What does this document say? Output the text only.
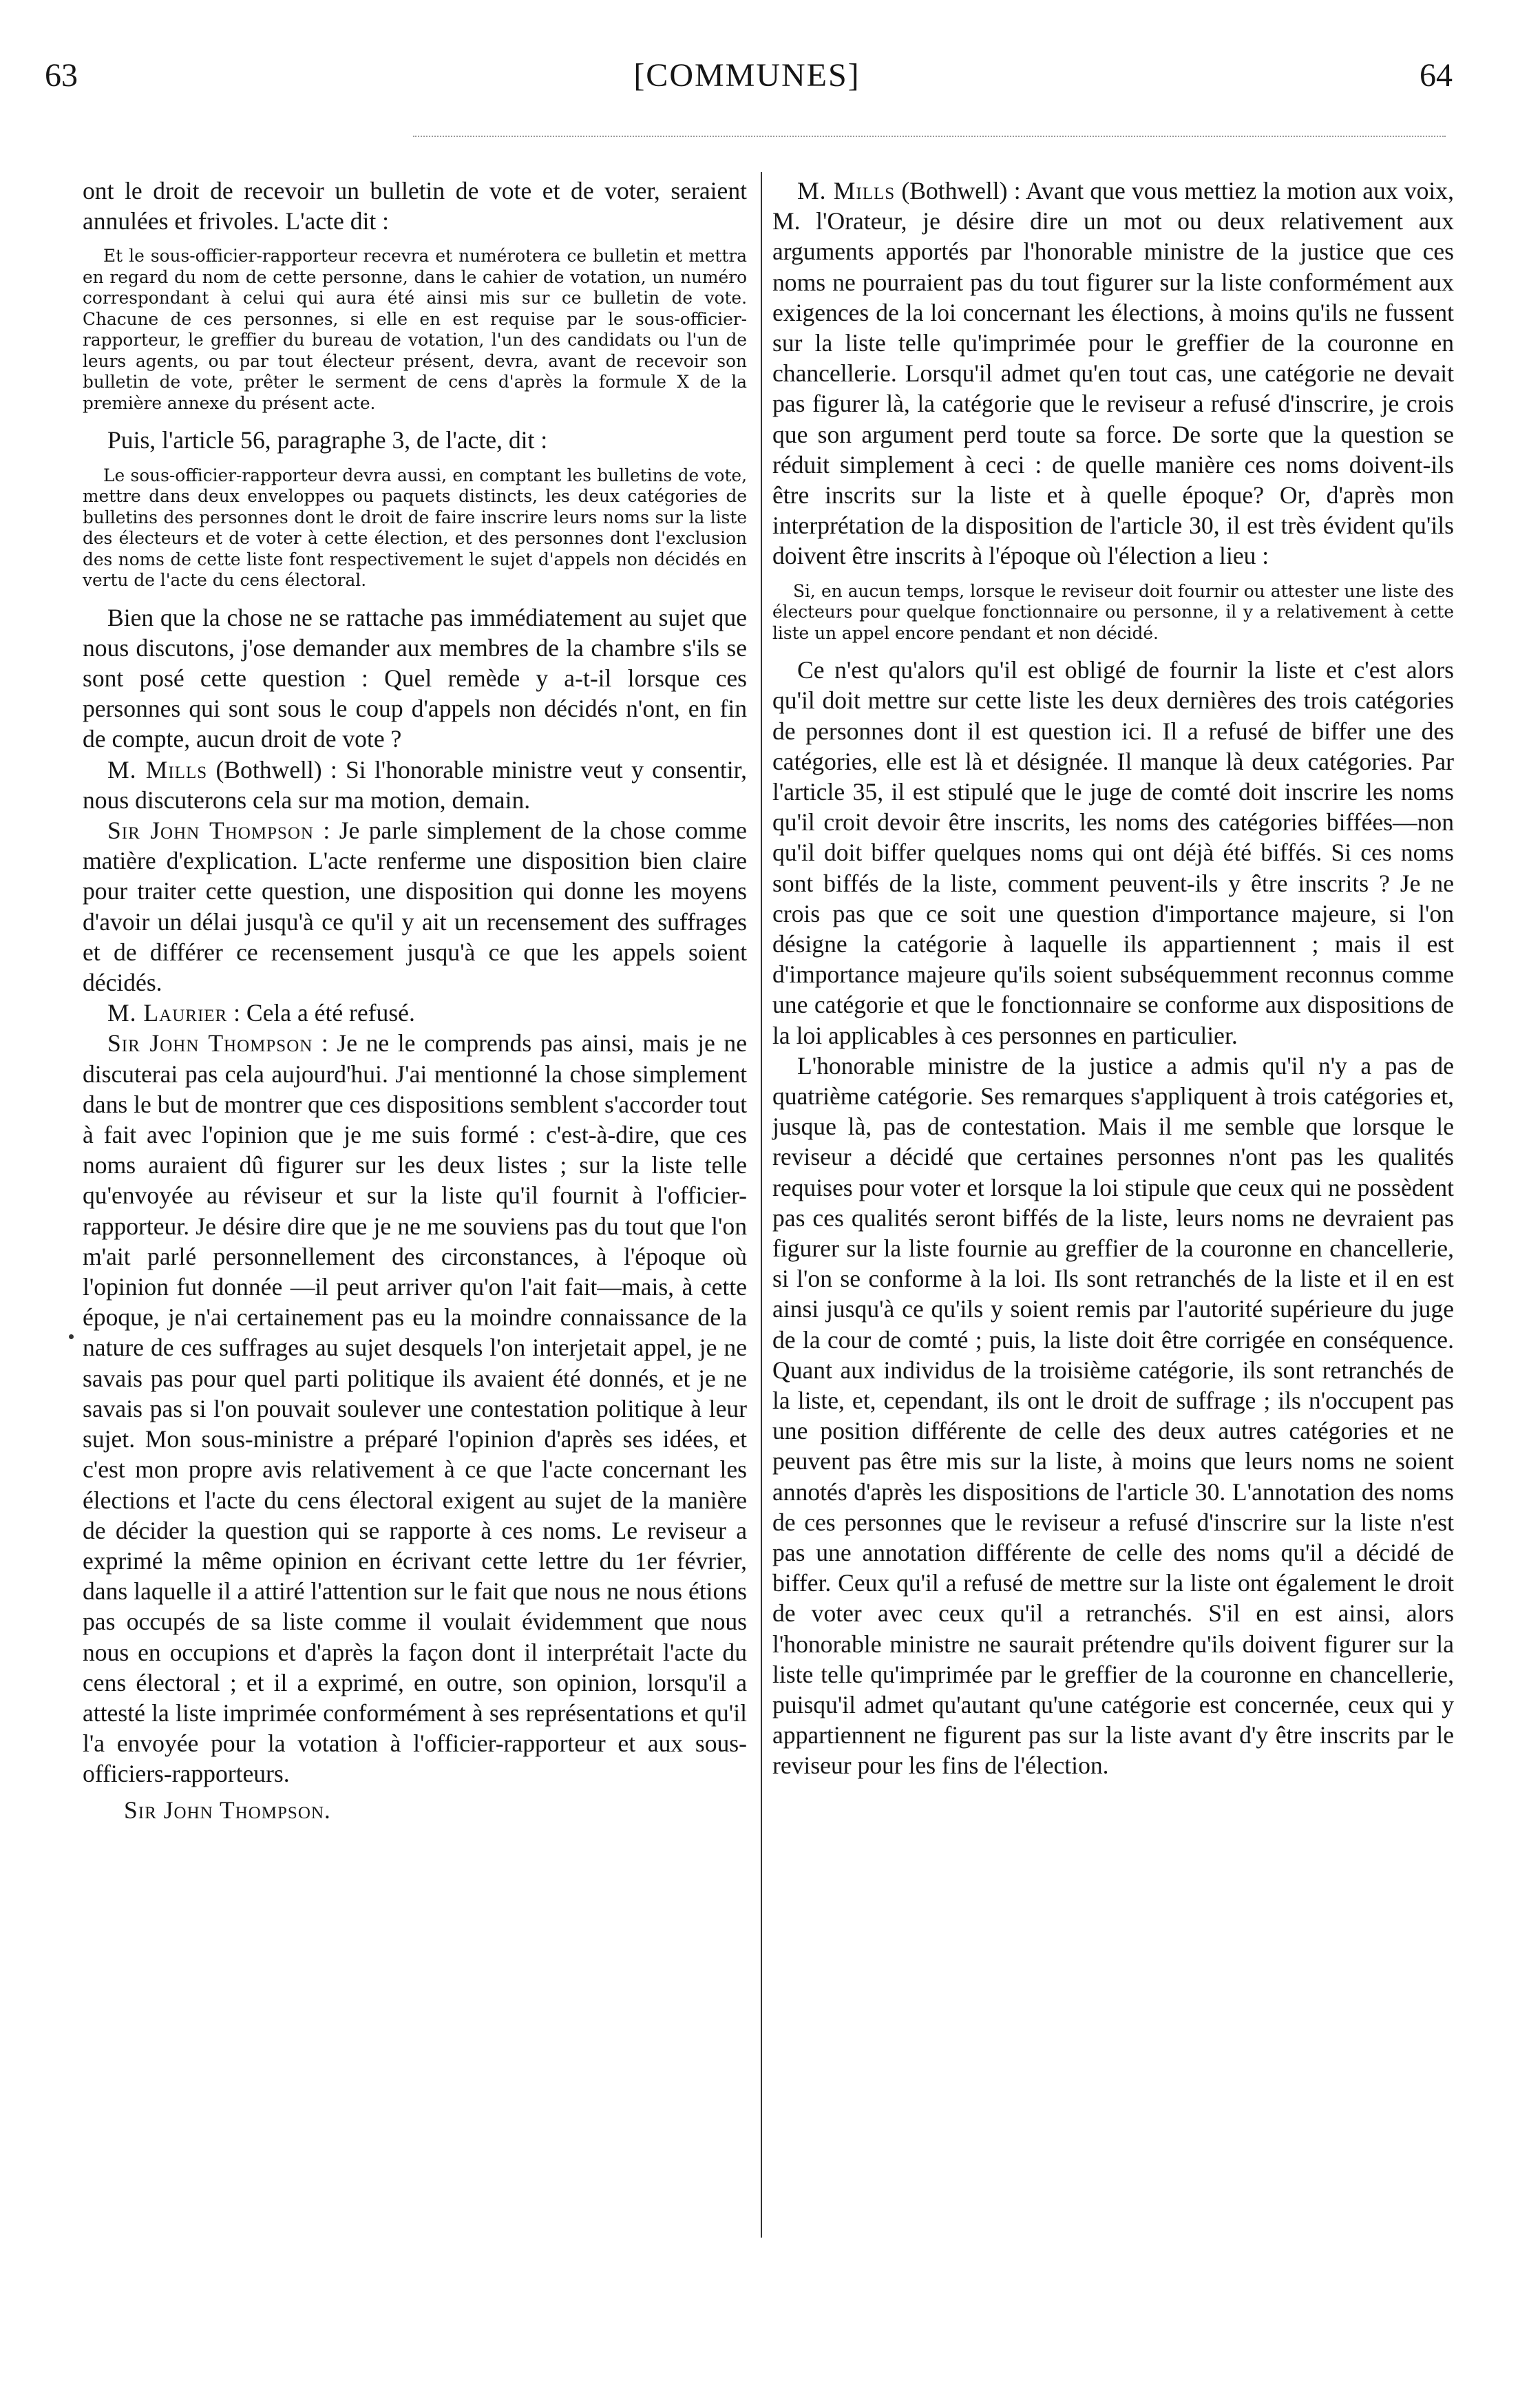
63	[COMMUNES]	64

ont le droit de recevoir un bulletin de vote et de voter, seraient annulées et frivoles. L'acte dit :

Et le sous-officier-rapporteur recevra et numérotera ce bulletin et mettra en regard du nom de cette personne, dans le cahier de votation, un numéro correspondant à celui qui aura été ainsi mis sur ce bulletin de vote. Chacune de ces personnes, si elle en est requise par le sous-officier-rapporteur, le greffier du bureau de votation, l'un des candidats ou l'un de leurs agents, ou par tout électeur présent, devra, avant de recevoir son bulletin de vote, prêter le serment de cens d'après la formule X de la première annexe du présent acte.

Puis, l'article 56, paragraphe 3, de l'acte, dit :

Le sous-officier-rapporteur devra aussi, en comptant les bulletins de vote, mettre dans deux enveloppes ou paquets distincts, les deux catégories de bulletins des personnes dont le droit de faire inscrire leurs noms sur la liste des électeurs et de voter à cette élection, et des personnes dont l'exclusion des noms de cette liste font respectivement le sujet d'appels non décidés en vertu de l'acte du cens électoral.

Bien que la chose ne se rattache pas immédiatement au sujet que nous discutons, j'ose demander aux membres de la chambre s'ils se sont posé cette question : Quel remède y a-t-il lorsque ces personnes qui sont sous le coup d'appels non décidés n'ont, en fin de compte, aucun droit de vote ?

M. Mills (Bothwell) : Si l'honorable ministre veut y consentir, nous discuterons cela sur ma motion, demain.

Sir John Thompson : Je parle simplement de la chose comme matière d'explication. L'acte renferme une disposition bien claire pour traiter cette question, une disposition qui donne les moyens d'avoir un délai jusqu'à ce qu'il y ait un recensement des suffrages et de différer ce recensement jusqu'à ce que les appels soient décidés.

M. Laurier : Cela a été refusé.

Sir John Thompson : Je ne le comprends pas ainsi, mais je ne discuterai pas cela aujourd'hui. J'ai mentionné la chose simplement dans le but de montrer que ces dispositions semblent s'accorder tout à fait avec l'opinion que je me suis formé : c'est-à-dire, que ces noms auraient dû figurer sur les deux listes ; sur la liste telle qu'envoyée au réviseur et sur la liste qu'il fournit à l'officier-rapporteur. Je désire dire que je ne me souviens pas du tout que l'on m'ait parlé personnellement des circonstances, à l'époque où l'opinion fut donnée —il peut arriver qu'on l'ait fait—mais, à cette époque, je n'ai certainement pas eu la moindre connaissance de la nature de ces suffrages au sujet desquels l'on interjetait appel, je ne savais pas pour quel parti politique ils avaient été donnés, et je ne savais pas si l'on pouvait soulever une contestation politique à leur sujet. Mon sous-ministre a préparé l'opinion d'après ses idées, et c'est mon propre avis relativement à ce que l'acte concernant les élections et l'acte du cens électoral exigent au sujet de la manière de décider la question qui se rapporte à ces noms. Le reviseur a exprimé la même opinion en écrivant cette lettre du 1er février, dans laquelle il a attiré l'attention sur le fait que nous ne nous étions pas occupés de sa liste comme il voulait évidemment que nous nous en occupions et d'après la façon dont il interprétait l'acte du cens électoral ; et il a exprimé, en outre, son opinion, lorsqu'il a attesté la liste imprimée conformément à ses représentations et qu'il l'a envoyée pour la votation à l'officier-rapporteur et aux sous-officiers-rapporteurs.

Sir John Thompson.

M. Mills (Bothwell) : Avant que vous mettiez la motion aux voix, M. l'Orateur, je désire dire un mot ou deux relativement aux arguments apportés par l'honorable ministre de la justice que ces noms ne pourraient pas du tout figurer sur la liste conformément aux exigences de la loi concernant les élections, à moins qu'ils ne fussent sur la liste telle qu'imprimée pour le greffier de la couronne en chancellerie. Lorsqu'il admet qu'en tout cas, une catégorie ne devait pas figurer là, la catégorie que le reviseur a refusé d'inscrire, je crois que son argument perd toute sa force. De sorte que la question se réduit simplement à ceci : de quelle manière ces noms doivent-ils être inscrits sur la liste et à quelle époque? Or, d'après mon interprétation de la disposition de l'article 30, il est très évident qu'ils doivent être inscrits à l'époque où l'élection a lieu :

Si, en aucun temps, lorsque le reviseur doit fournir ou attester une liste des électeurs pour quelque fonctionnaire ou personne, il y a relativement à cette liste un appel encore pendant et non décidé.

Ce n'est qu'alors qu'il est obligé de fournir la liste et c'est alors qu'il doit mettre sur cette liste les deux dernières des trois catégories de personnes dont il est question ici. Il a refusé de biffer une des catégories, elle est là et désignée. Il manque là deux catégories. Par l'article 35, il est stipulé que le juge de comté doit inscrire les noms qu'il croit devoir être inscrits, les noms des catégories biffées—non qu'il doit biffer quelques noms qui ont déjà été biffés. Si ces noms sont biffés de la liste, comment peuvent-ils y être inscrits ? Je ne crois pas que ce soit une question d'importance majeure, si l'on désigne la catégorie à laquelle ils appartiennent ; mais il est d'importance majeure qu'ils soient subséquemment reconnus comme une catégorie et que le fonctionnaire se conforme aux dispositions de la loi applicables à ces personnes en particulier.

L'honorable ministre de la justice a admis qu'il n'y a pas de quatrième catégorie. Ses remarques s'appliquent à trois catégories et, jusque là, pas de contestation. Mais il me semble que lorsque le reviseur a décidé que certaines personnes n'ont pas les qualités requises pour voter et lorsque la loi stipule que ceux qui ne possèdent pas ces qualités seront biffés de la liste, leurs noms ne devraient pas figurer sur la liste fournie au greffier de la couronne en chancellerie, si l'on se conforme à la loi. Ils sont retranchés de la liste et il en est ainsi jusqu'à ce qu'ils y soient remis par l'autorité supérieure du juge de la cour de comté ; puis, la liste doit être corrigée en conséquence. Quant aux individus de la troisième catégorie, ils sont retranchés de la liste, et, cependant, ils ont le droit de suffrage ; ils n'occupent pas une position différente de celle des deux autres catégories et ne peuvent pas être mis sur la liste, à moins que leurs noms ne soient annotés d'après les dispositions de l'article 30. L'annotation des noms de ces personnes que le reviseur a refusé d'inscrire sur la liste n'est pas une annotation différente de celle des noms qu'il a décidé de biffer. Ceux qu'il a refusé de mettre sur la liste ont également le droit de voter avec ceux qu'il a retranchés. S'il en est ainsi, alors l'honorable ministre ne saurait prétendre qu'ils doivent figurer sur la liste telle qu'imprimée par le greffier de la couronne en chancellerie, puisqu'il admet qu'autant qu'une catégorie est concernée, ceux qui y appartiennent ne figurent pas sur la liste avant d'y être inscrits par le reviseur pour les fins de l'élection.
